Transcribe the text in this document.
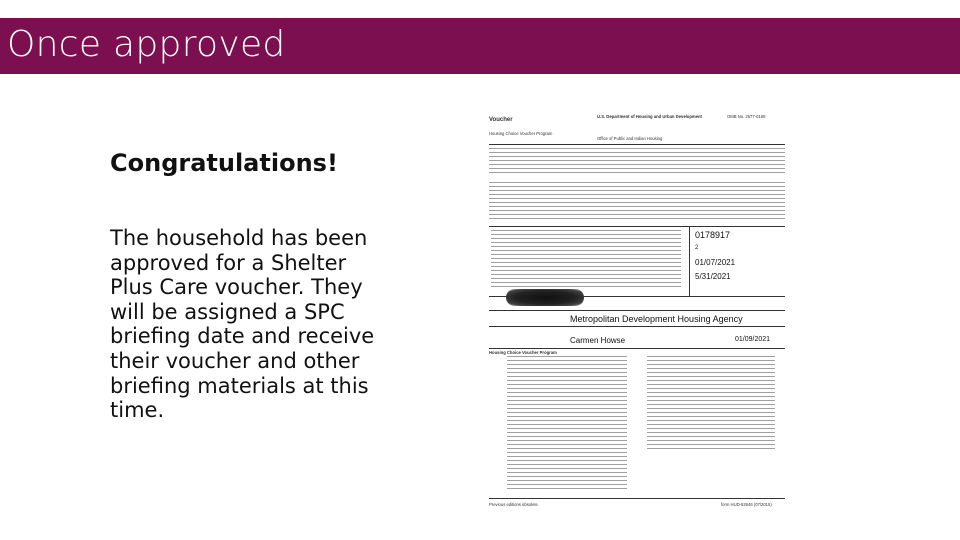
Once approved
Congratulations!
The household has been approved for a Shelter Plus Care voucher. They will be assigned a SPC briefing date and receive their voucher and other briefing materials at this time.
Voucher
Housing Choice Voucher Program
U.S. Department of Housing and Urban Development
Office of Public and Indian Housing
OMB No. 2577-0169
0178917
2
01/07/2021
5/31/2021
Metropolitan Development Housing Agency
Carmen Howse	01/09/2021
Housing Choice Voucher Program
Previous editions obsolete	form HUD-52646 (07/2015)
